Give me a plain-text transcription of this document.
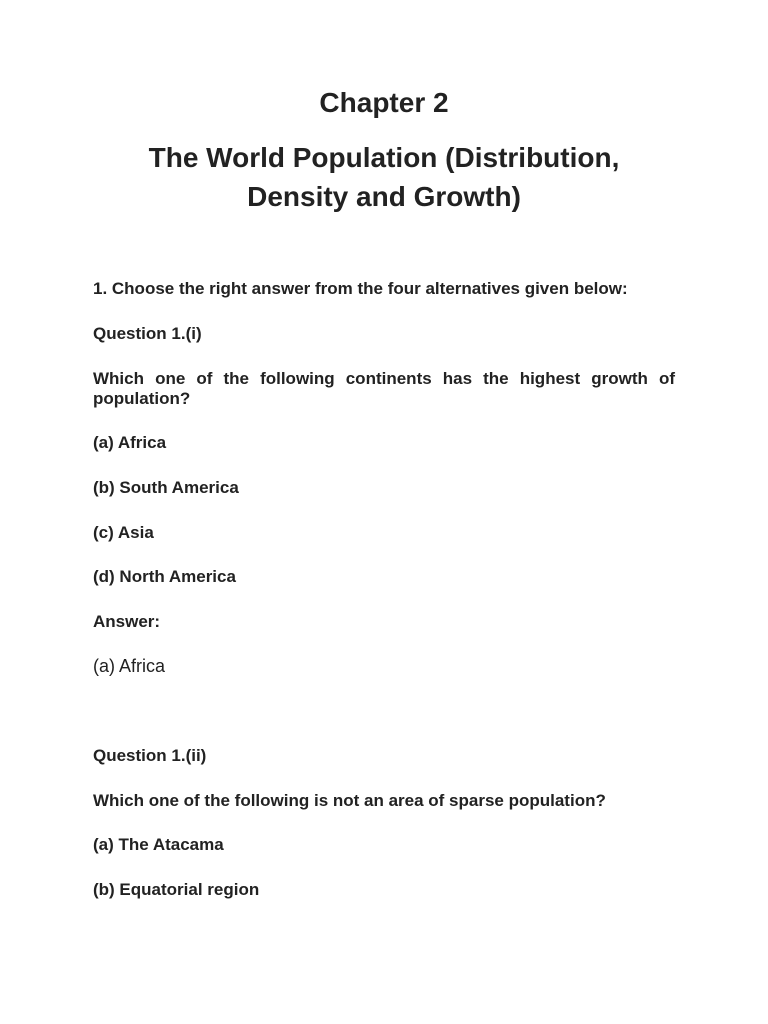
Chapter 2
The World Population (Distribution, Density and Growth)
1. Choose the right answer from the four alternatives given below:
Question 1.(i)
Which one of the following continents has the highest growth of population?
(a) Africa
(b) South America
(c) Asia
(d) North America
Answer:
(a) Africa
Question 1.(ii)
Which one of the following is not an area of sparse population?
(a) The Atacama
(b) Equatorial region
